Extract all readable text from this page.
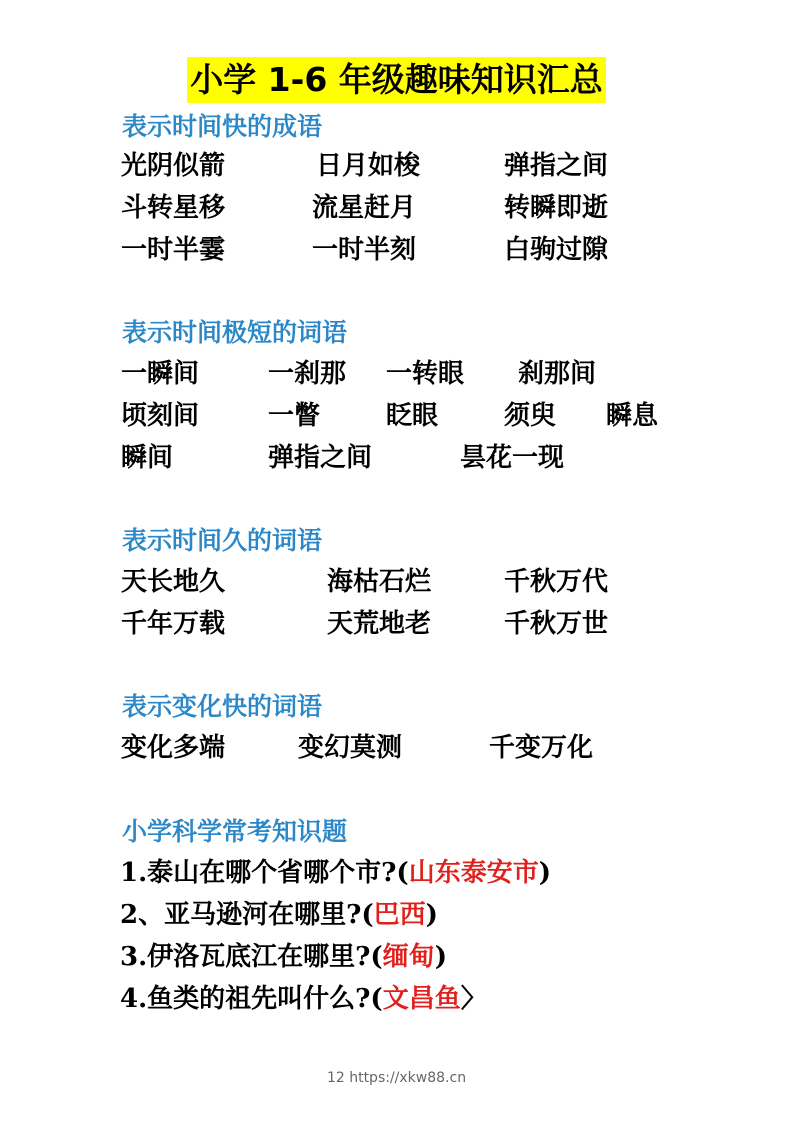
小学 1-6 年级趣味知识汇总
表示时间快的成语
光阴似箭	日月如梭	弹指之间
斗转星移	流星赶月	转瞬即逝
一时半霎	一时半刻	白驹过隙
表示时间极短的词语
一瞬间	一刹那 一转眼 刹那间
顷刻间	一瞥	眨眼	须臾 瞬息
瞬间	弹指之间	昙花一现
表示时间久的词语
天长地久	海枯石烂	千秋万代
千年万载	天荒地老	千秋万世
表示变化快的词语
变化多端	变幻莫测	千变万化
小学科学常考知识题
1.泰山在哪个省哪个市?(山东泰安市)
2、亚马逊河在哪里?(巴西)
3.伊洛瓦底江在哪里?(缅甸)
4.鱼类的祖先叫什么?(文昌鱼〉
12 https://xkw88.cn
